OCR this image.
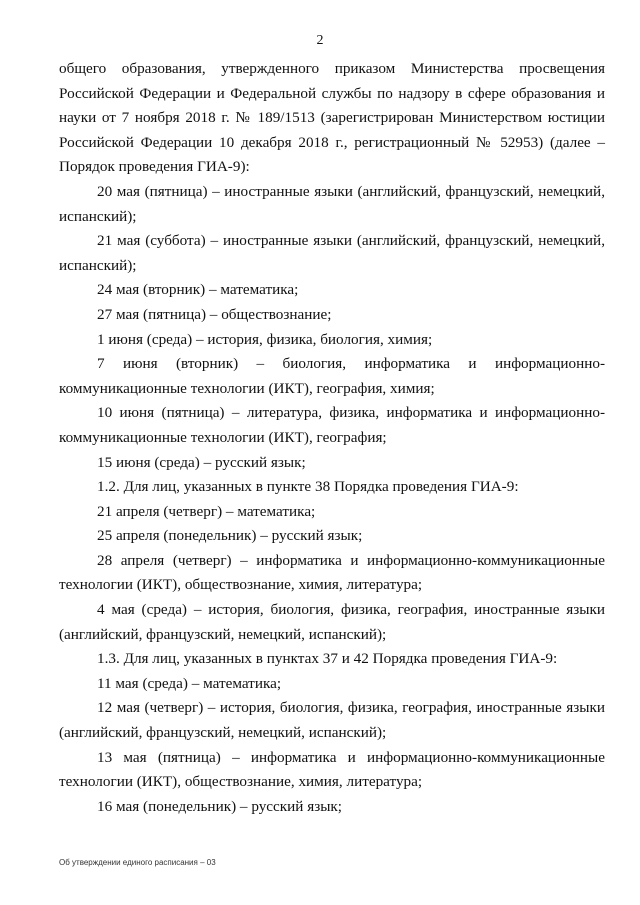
2

общего образования, утвержденного приказом Министерства просвещения Российской Федерации и Федеральной службы по надзору в сфере образования и науки от 7 ноября 2018 г. № 189/1513 (зарегистрирован Министерством юстиции Российской Федерации 10 декабря 2018 г., регистрационный № 52953) (далее – Порядок проведения ГИА-9):

20 мая (пятница) – иностранные языки (английский, французский, немецкий, испанский);

21 мая (суббота) – иностранные языки (английский, французский, немецкий, испанский);

24 мая (вторник) – математика;

27 мая (пятница) – обществознание;

1 июня (среда) – история, физика, биология, химия;

7 июня (вторник) – биология, информатика и информационно-коммуникационные технологии (ИКТ), география, химия;

10 июня (пятница) – литература, физика, информатика и информационно-коммуникационные технологии (ИКТ), география;

15 июня (среда) – русский язык;

1.2. Для лиц, указанных в пункте 38 Порядка проведения ГИА-9:

21 апреля (четверг) – математика;

25 апреля (понедельник) – русский язык;

28 апреля (четверг) – информатика и информационно-коммуникационные технологии (ИКТ), обществознание, химия, литература;

4 мая (среда) – история, биология, физика, география, иностранные языки (английский, французский, немецкий, испанский);

1.3. Для лиц, указанных в пунктах 37 и 42 Порядка проведения ГИА-9:

11 мая (среда) – математика;

12 мая (четверг) – история, биология, физика, география, иностранные языки (английский, французский, немецкий, испанский);

13 мая (пятница) – информатика и информационно-коммуникационные технологии (ИКТ), обществознание, химия, литература;

16 мая (понедельник) – русский язык;

Об утверждении единого расписания – 03
